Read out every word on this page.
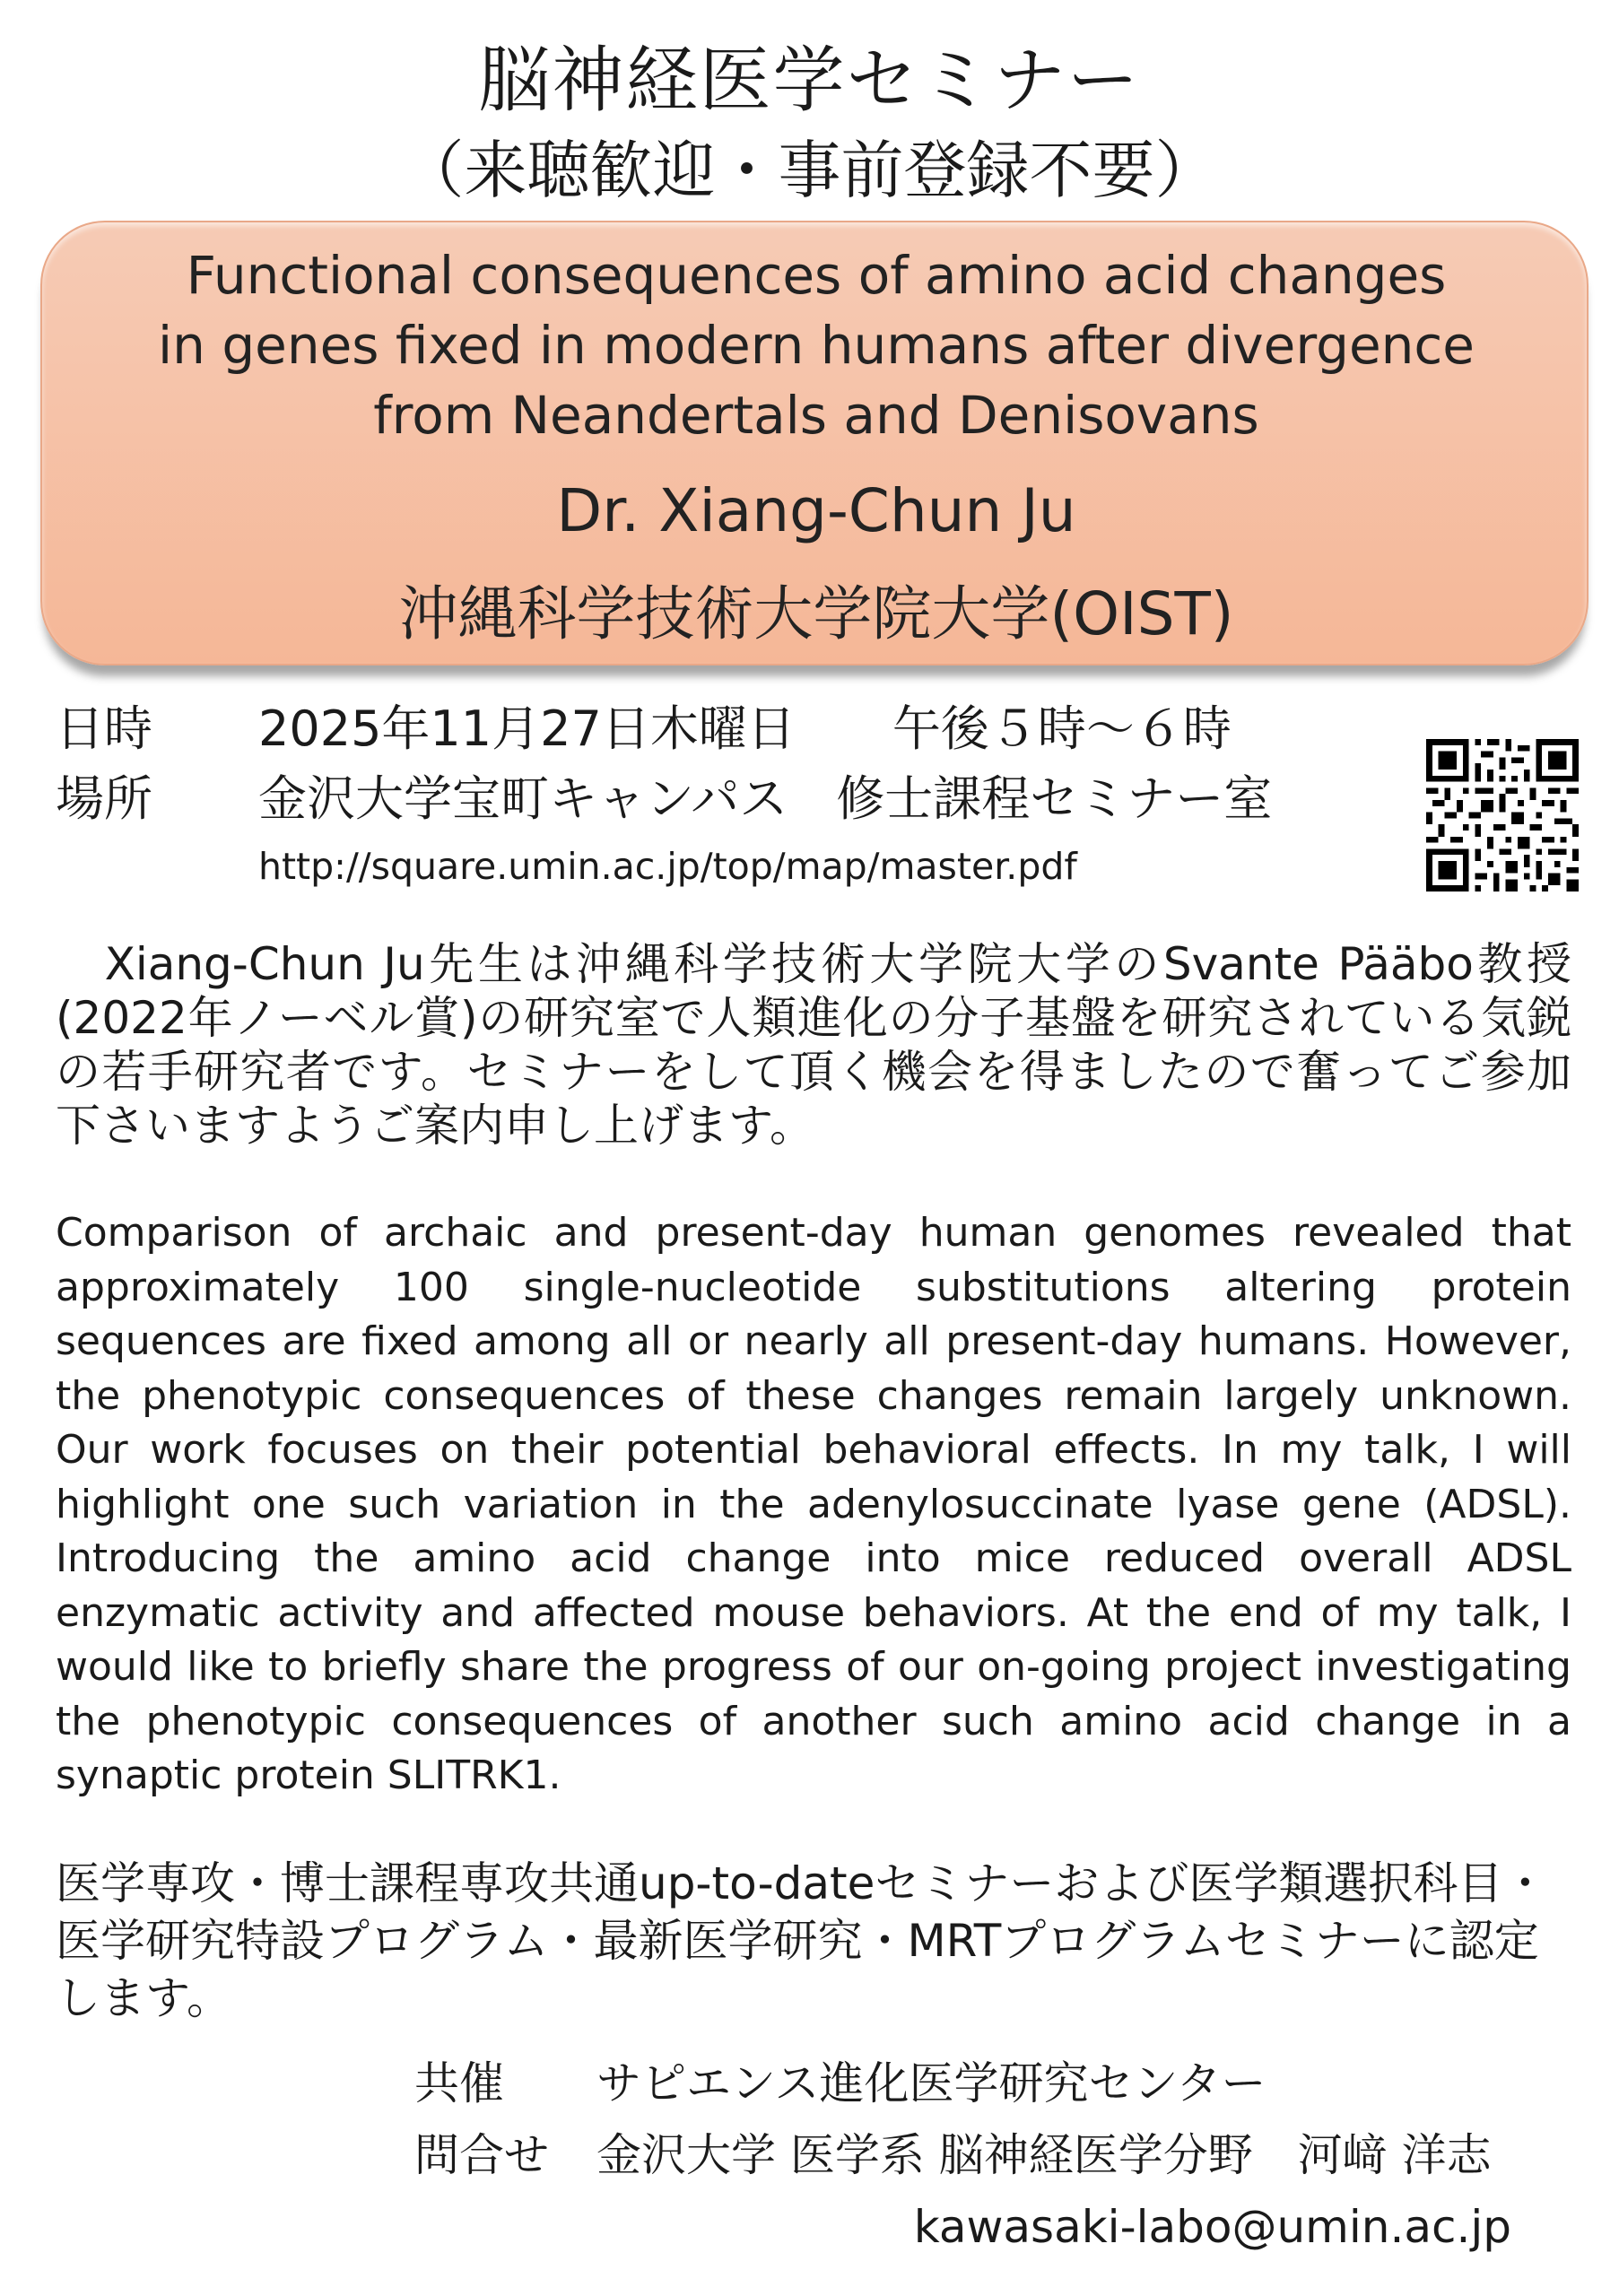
脳神経医学セミナー
（来聴歓迎・事前登録不要）
Functional consequences of amino acid changes
in genes fixed in modern humans after divergence
from Neandertals and Denisovans
Dr. Xiang-Chun Ju
沖縄科学技術大学院大学(OIST)
日時 2025年11月27日木曜日　　午後５時～６時
場所 金沢大学宝町キャンパス　修士課程セミナー室
http://square.umin.ac.jp/top/map/master.pdf
　Xiang-Chun Ju先生は沖縄科学技術大学院大学のSvante Pääbo教授(2022年ノーベル賞)の研究室で人類進化の分子基盤を研究されている気鋭の若手研究者です。セミナーをして頂く機会を得ましたので奮ってご参加下さいますようご案内申し上げます。
Comparison of archaic and present-day human genomes revealed that approximately 100 single-nucleotide substitutions altering protein sequences are fixed among all or nearly all present-day humans. However, the phenotypic consequences of these changes remain largely unknown. Our work focuses on their potential behavioral effects. In my talk, I will highlight one such variation in the adenylosuccinate lyase gene (ADSL). Introducing the amino acid change into mice reduced overall ADSL enzymatic activity and affected mouse behaviors. At the end of my talk, I would like to briefly share the progress of our on-going project investigating the phenotypic consequences of another such amino acid change in a synaptic protein SLITRK1.
医学専攻・博士課程専攻共通up-to-dateセミナーおよび医学類選択科目・医学研究特設プログラム・最新医学研究・MRTプログラムセミナーに認定します。
共催 サピエンス進化医学研究センター
問合せ 金沢大学 医学系 脳神経医学分野　河﨑 洋志
kawasaki-labo@umin.ac.jp
